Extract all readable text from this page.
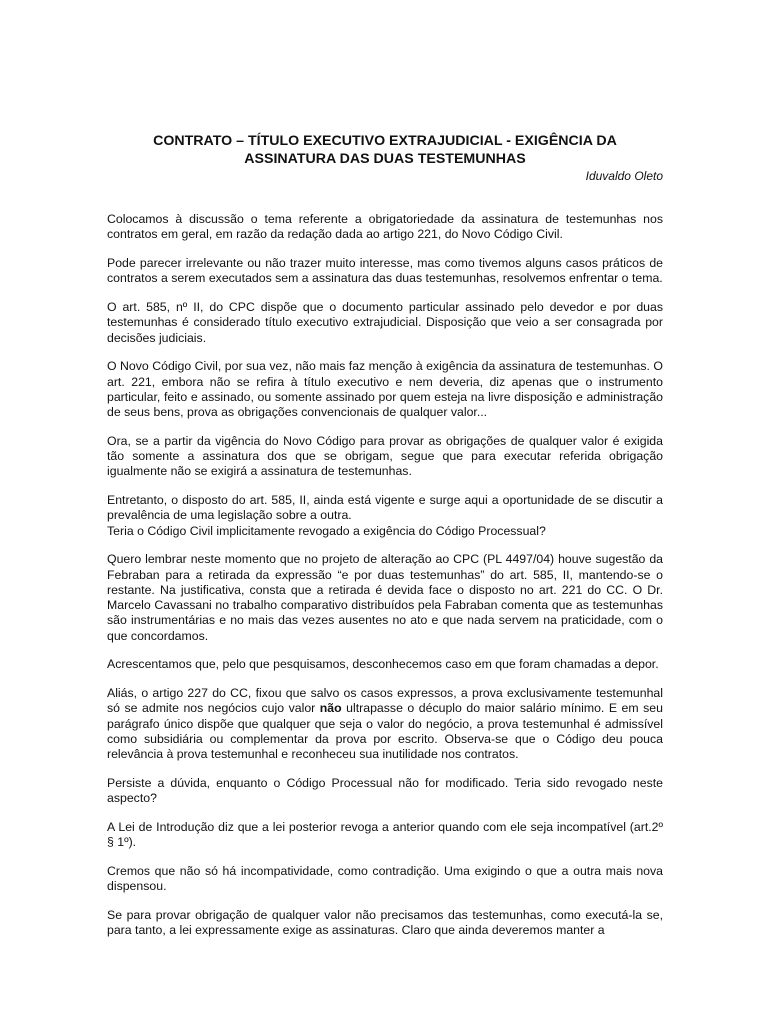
CONTRATO – TÍTULO EXECUTIVO EXTRAJUDICIAL - EXIGÊNCIA DA
ASSINATURA DAS DUAS TESTEMUNHAS

Iduvaldo Oleto

Colocamos à discussão o tema referente a obrigatoriedade da assinatura de testemunhas nos contratos em geral, em razão da redação dada ao artigo 221, do Novo Código Civil.

Pode parecer irrelevante ou não trazer muito interesse, mas como tivemos alguns casos práticos de contratos a serem executados sem a assinatura das duas testemunhas, resolvemos enfrentar o tema.

O art. 585, nº II, do CPC dispõe que o documento particular assinado pelo devedor e por duas testemunhas é considerado título executivo extrajudicial. Disposição que veio a ser consagrada por decisões judiciais.

O Novo Código Civil, por sua vez, não mais faz menção à exigência da assinatura de testemunhas. O art. 221, embora não se refira à título executivo e nem deveria, diz apenas que o instrumento particular, feito e assinado, ou somente assinado por quem esteja na livre disposição e administração de seus bens, prova as obrigações convencionais de qualquer valor...

Ora, se a partir da vigência do Novo Código para provar as obrigações de qualquer valor é exigida tão somente a assinatura dos que se obrigam, segue que para executar referida obrigação igualmente não se exigirá a assinatura de testemunhas.

Entretanto, o disposto do art. 585, II, ainda está vigente e surge aqui a oportunidade de se discutir a prevalência de uma legislação sobre a outra.
Teria o Código Civil implicitamente revogado a exigência do Código Processual?

Quero lembrar neste momento que no projeto de alteração ao CPC (PL 4497/04) houve sugestão da Febraban para a retirada da expressão “e por duas testemunhas” do art. 585, II, mantendo-se o restante. Na justificativa, consta que a retirada é devida face o disposto no art. 221 do CC. O Dr. Marcelo Cavassani no trabalho comparativo distribuídos pela Fabraban comenta que as testemunhas são instrumentárias e no mais das vezes ausentes no ato e que nada servem na praticidade, com o que concordamos.

Acrescentamos que, pelo que pesquisamos, desconhecemos caso em que foram chamadas a depor.

Aliás, o artigo 227 do CC, fixou que salvo os casos expressos, a prova exclusivamente testemunhal só se admite nos negócios cujo valor não ultrapasse o décuplo do maior salário mínimo. E em seu parágrafo único dispõe que qualquer que seja o valor do negócio, a prova testemunhal é admissível como subsidiária ou complementar da prova por escrito. Observa-se que o Código deu pouca relevância à prova testemunhal e reconheceu sua inutilidade nos contratos.

Persiste a dúvida, enquanto o Código Processual não for modificado. Teria sido revogado neste aspecto?

A Lei de Introdução diz que a lei posterior revoga a anterior quando com ele seja incompatível (art.2º § 1º).

Cremos que não só há incompatividade, como contradição. Uma exigindo o que a outra mais nova dispensou.

Se para provar obrigação de qualquer valor não precisamos das testemunhas, como executá-la se, para tanto, a lei expressamente exige as assinaturas. Claro que ainda deveremos manter a
